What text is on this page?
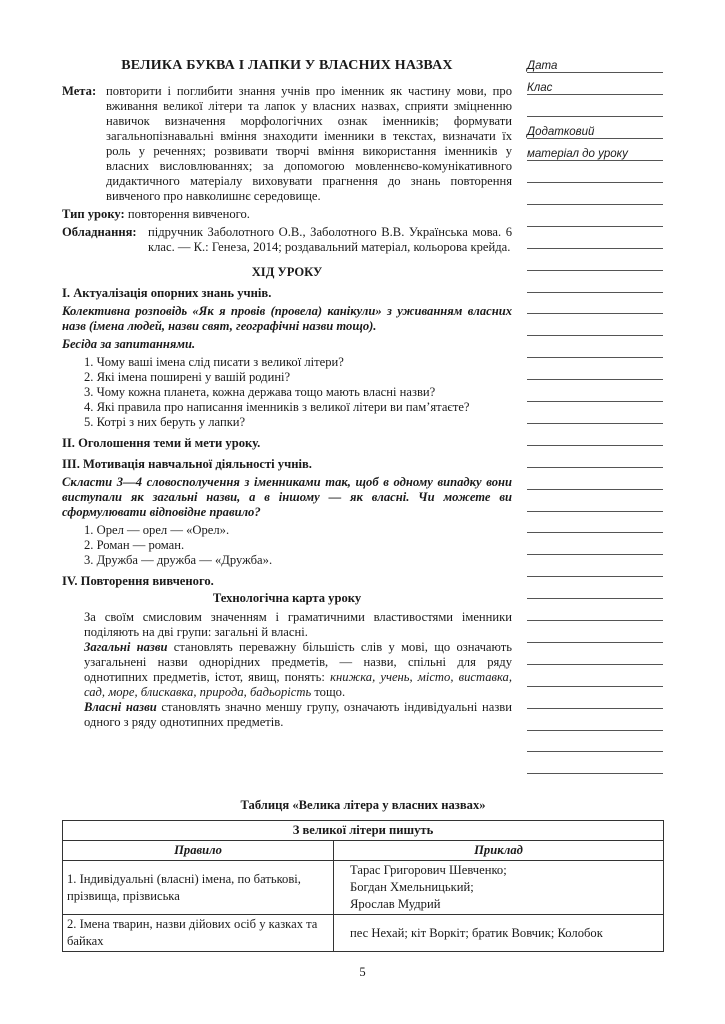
ВЕЛИКА БУКВА І ЛАПКИ У ВЛАСНИХ НАЗВАХ
Мета: повторити і поглибити знання учнів про іменник як частину мови, про вживання великої літери та лапок у власних назвах, сприяти зміцненню навичок визначення морфологічних ознак іменників; формувати загальнопізнавальні вміння знаходити іменники в текстах, визначати їх роль у реченнях; розвивати творчі вміння використання іменників у власних висловлюваннях; за допомогою мовленнєво-комунікативного дидактичного матеріалу виховувати прагнення до знань повторення вивченого про навколишнє середовище.

Тип уроку: повторення вивченого.

Обладнання: підручник Заболотного О.В., Заболотного В.В. Українська мова. 6 клас. — К.: Генеза, 2014; роздавальний матеріал, кольорова крейда.
ХІД УРОКУ
I. Актуалізація опорних знань учнів.

Колективна розповідь «Як я провів (провела) канікули» з уживанням власних назв (імена людей, назви свят, географічні назви тощо).

Бесіда за запитаннями.

1. Чому ваші імена слід писати з великої літери?
2. Які імена поширені у вашій родині?
3. Чому кожна планета, кожна держава тощо мають власні назви?
4. Які правила про написання іменників з великої літери ви пам’ятаєте?
5. Котрі з них беруть у лапки?
II. Оголошення теми й мети уроку.
III. Мотивація навчальної діяльності учнів.

Скласти 3—4 словосполучення з іменниками так, щоб в одному випадку вони виступали як загальні назви, а в іншому — як власні. Чи можете ви сформулювати відповідне правило?

1. Орел — орел — «Орел».
2. Роман — роман.
3. Дружба — дружба — «Дружба».
IV. Повторення вивченого.
Технологічна карта уроку

За своїм смисловим значенням і граматичними властивостями іменники поділяють на дві групи: загальні й власні.

Загальні назви становлять переважну більшість слів у мові, що означають узагальнені назви однорідних предметів, — назви, спільні для ряду однотипних предметів, істот, явищ, понять: книжка, учень, місто, виставка, сад, море, блискавка, природа, бадьорість тощо.

Власні назви становлять значно меншу групу, означають індивідуальні назви одного з ряду однотипних предметів.

Дата
Клас
Додатковий
матеріал до уроку
Таблиця «Велика літера у власних назвах»
З великої літери пишуть	
Правило	Приклад
1. Індивідуальні (власні) імена, по батькові, прізвища, прізвиська	Тарас Григорович Шевченко;
Богдан Хмельницький;
Ярослав Мудрий

2. Імена тварин, назви дійових осіб у казках та байках	пес Нехай; кіт Воркіт; братик Вовчик; Колобок
5
